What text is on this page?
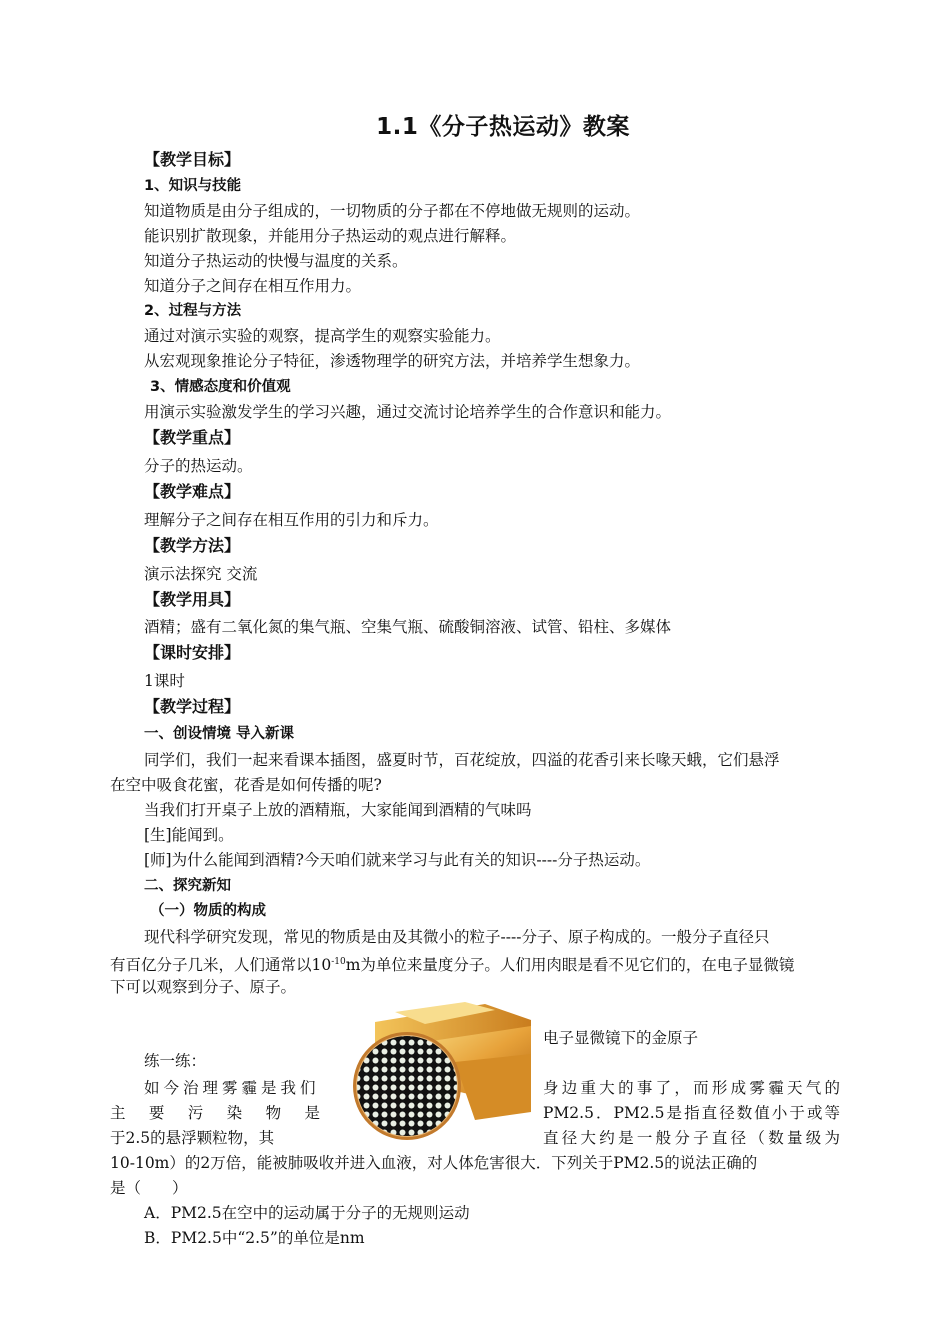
1.1《分子热运动》教案
【教学目标】
1、知识与技能
知道物质是由分子组成的，一切物质的分子都在不停地做无规则的运动。
能识别扩散现象，并能用分子热运动的观点进行解释。
知道分子热运动的快慢与温度的关系。
知道分子之间存在相互作用力。
2、过程与方法
通过对演示实验的观察，提高学生的观察实验能力。
从宏观现象推论分子特征，渗透物理学的研究方法，并培养学生想象力。
3、情感态度和价值观
用演示实验激发学生的学习兴趣，通过交流讨论培养学生的合作意识和能力。
【教学重点】
分子的热运动。
【教学难点】
理解分子之间存在相互作用的引力和斥力。
【教学方法】
演示法探究 交流
【教学用具】
酒精；盛有二氧化氮的集气瓶、空集气瓶、硫酸铜溶液、试管、铅柱、多媒体
【课时安排】
1课时
【教学过程】
一、创设情境 导入新课
同学们，我们一起来看课本插图，盛夏时节，百花绽放，四溢的花香引来长喙天蛾，它们悬浮
在空中吸食花蜜，花香是如何传播的呢?
当我们打开桌子上放的酒精瓶，大家能闻到酒精的气味吗
[生]能闻到。
[师]为什么能闻到酒精?今天咱们就来学习与此有关的知识----分子热运动。
二、探究新知
（一）物质的构成
现代科学研究发现，常见的物质是由及其微小的粒子----分子、原子构成的。一般分子直径只
有百亿分子几米，人们通常以$10^{-10}m$为单位来量度分子。人们用肉眼是看不见它们的，在电子显微镜
下可以观察到分子、原子。
电子显微镜下的金原子
练一练：
如今治理雾霾是我们	身边重大的事了，而形成雾霾天气的
主 要 污 染 物 是	PM2.5．PM2.5是指直径数值小于或等
于2.5的悬浮颗粒物，其	直径大约是一般分子直径（数量级为
10-10m）的2万倍，能被肺吸收并进入血液，对人体危害很大．下列关于PM2.5的说法正确的
是（　　）
A．PM2.5在空中的运动属于分子的无规则运动
B．PM2.5中“2.5”的单位是nm
